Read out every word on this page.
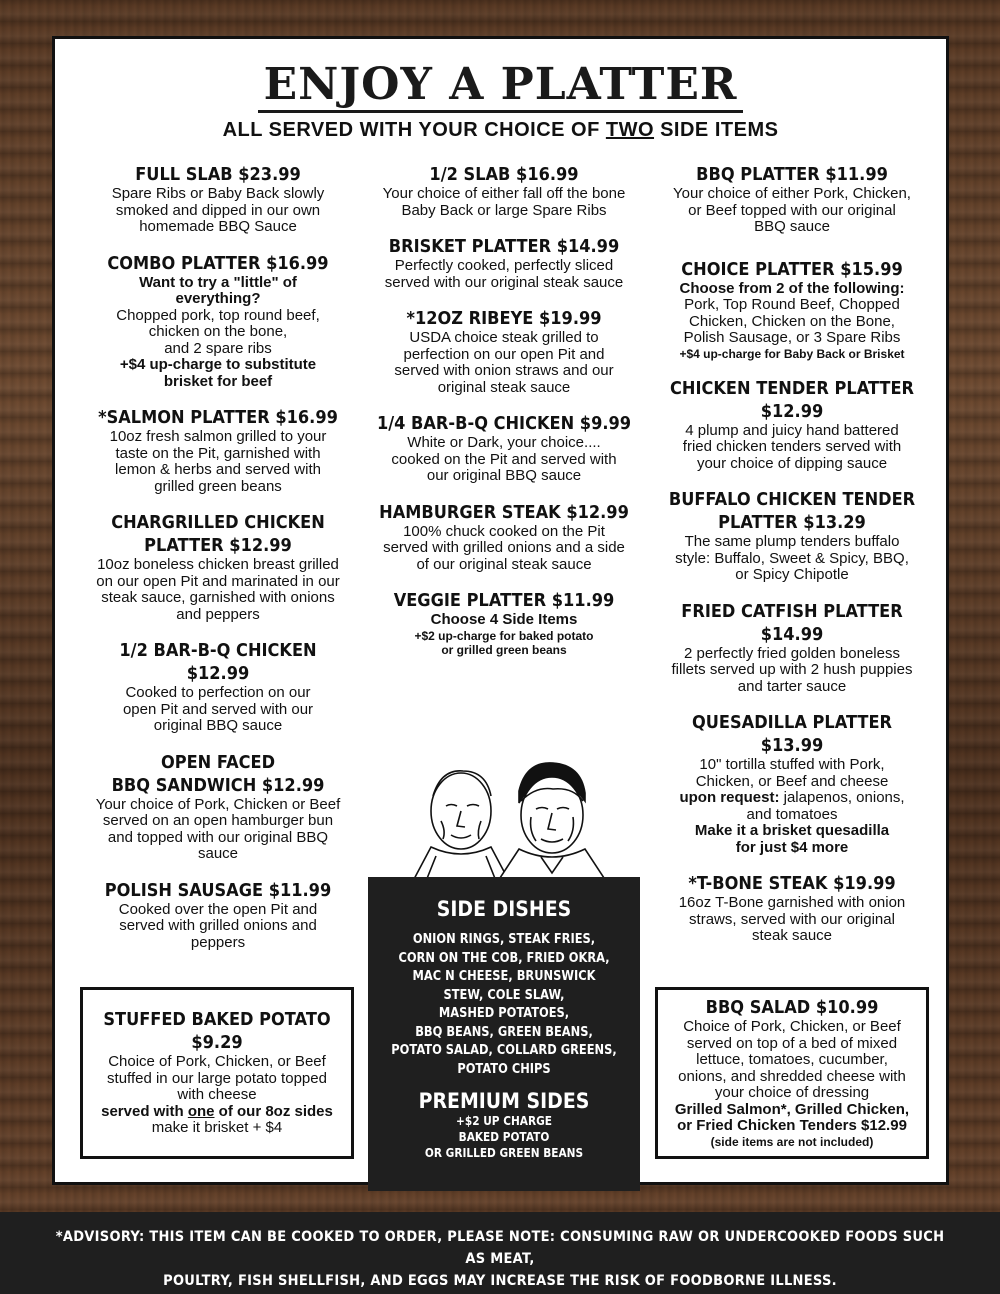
ENJOY A PLATTER
ALL SERVED WITH YOUR CHOICE OF TWO SIDE ITEMS
FULL SLAB $23.99
Spare Ribs or Baby Back slowly
smoked and dipped in our own
homemade BBQ Sauce
COMBO PLATTER $16.99
Want to try a "little" of
everything?
Chopped pork, top round beef,
chicken on the bone,
and 2 spare ribs
+$4 up-charge to substitute
brisket for beef
*SALMON PLATTER $16.99
10oz fresh salmon grilled to your
taste on the Pit, garnished with
lemon & herbs and served with
grilled green beans
CHARGRILLED CHICKEN
PLATTER $12.99
10oz boneless chicken breast grilled
on our open Pit and marinated in our
steak sauce, garnished with onions
and peppers
1/2 BAR-B-Q CHICKEN $12.99
Cooked to perfection on our
open Pit and served with our
original BBQ sauce
OPEN FACED
BBQ SANDWICH $12.99
Your choice of Pork, Chicken or Beef
served on an open hamburger bun
and topped with our original BBQ
sauce
POLISH SAUSAGE $11.99
Cooked over the open Pit and
served with grilled onions and
peppers
1/2 SLAB $16.99
Your choice of either fall off the bone
Baby Back or large Spare Ribs
BRISKET PLATTER $14.99
Perfectly cooked, perfectly sliced
served with our original steak sauce
*12OZ RIBEYE $19.99
USDA choice steak grilled to
perfection on our open Pit and
served with onion straws and our
original steak sauce
1/4 BAR-B-Q CHICKEN $9.99
White or Dark, your choice....
cooked on the Pit and served with
our original BBQ sauce
HAMBURGER STEAK $12.99
100% chuck cooked on the Pit
served with grilled onions and a side
of our original steak sauce
VEGGIE PLATTER $11.99
Choose 4 Side Items
+$2 up-charge for baked potato
or grilled green beans
BBQ PLATTER $11.99
Your choice of either Pork, Chicken,
or Beef topped with our original
BBQ sauce
CHOICE PLATTER $15.99
Choose from 2 of the following:
Pork, Top Round Beef, Chopped
Chicken, Chicken on the Bone,
Polish Sausage, or 3 Spare Ribs
+$4 up-charge for Baby Back or Brisket
CHICKEN TENDER PLATTER
$12.99
4 plump and juicy hand battered
fried chicken tenders served with
your choice of dipping sauce
BUFFALO CHICKEN TENDER
PLATTER $13.29
The same plump tenders buffalo
style: Buffalo, Sweet & Spicy, BBQ,
or Spicy Chipotle
FRIED CATFISH PLATTER $14.99
2 perfectly fried golden boneless
fillets served up with 2 hush puppies
and tarter sauce
QUESADILLA PLATTER $13.99
10" tortilla stuffed with Pork,
Chicken, or Beef and cheese
upon request: jalapenos, onions,
and tomatoes
Make it a brisket quesadilla
for just $4 more
*T-BONE STEAK $19.99
16oz T-Bone garnished with onion
straws, served with our original
steak sauce
STUFFED BAKED POTATO
$9.29
Choice of Pork, Chicken, or Beef
stuffed in our large potato topped
with cheese
served with one of our 8oz sides
make it brisket + $4
BBQ SALAD $10.99
Choice of Pork, Chicken, or Beef
served on top of a bed of mixed
lettuce, tomatoes, cucumber,
onions, and shredded cheese with
your choice of dressing
Grilled Salmon*, Grilled Chicken,
or Fried Chicken Tenders $12.99
(side items are not included)
SIDE DISHES
ONION RINGS, STEAK FRIES,
CORN ON THE COB, FRIED OKRA,
MAC N CHEESE, BRUNSWICK
STEW, COLE SLAW,
MASHED POTATOES,
BBQ BEANS, GREEN BEANS,
POTATO SALAD, COLLARD GREENS,
POTATO CHIPS
PREMIUM SIDES
+$2 UP CHARGE
BAKED POTATO
OR GRILLED GREEN BEANS
*ADVISORY: THIS ITEM CAN BE COOKED TO ORDER, PLEASE NOTE: CONSUMING RAW OR UNDERCOOKED FOODS SUCH AS MEAT,
POULTRY, FISH SHELLFISH, AND EGGS MAY INCREASE THE RISK OF FOODBORNE ILLNESS.
